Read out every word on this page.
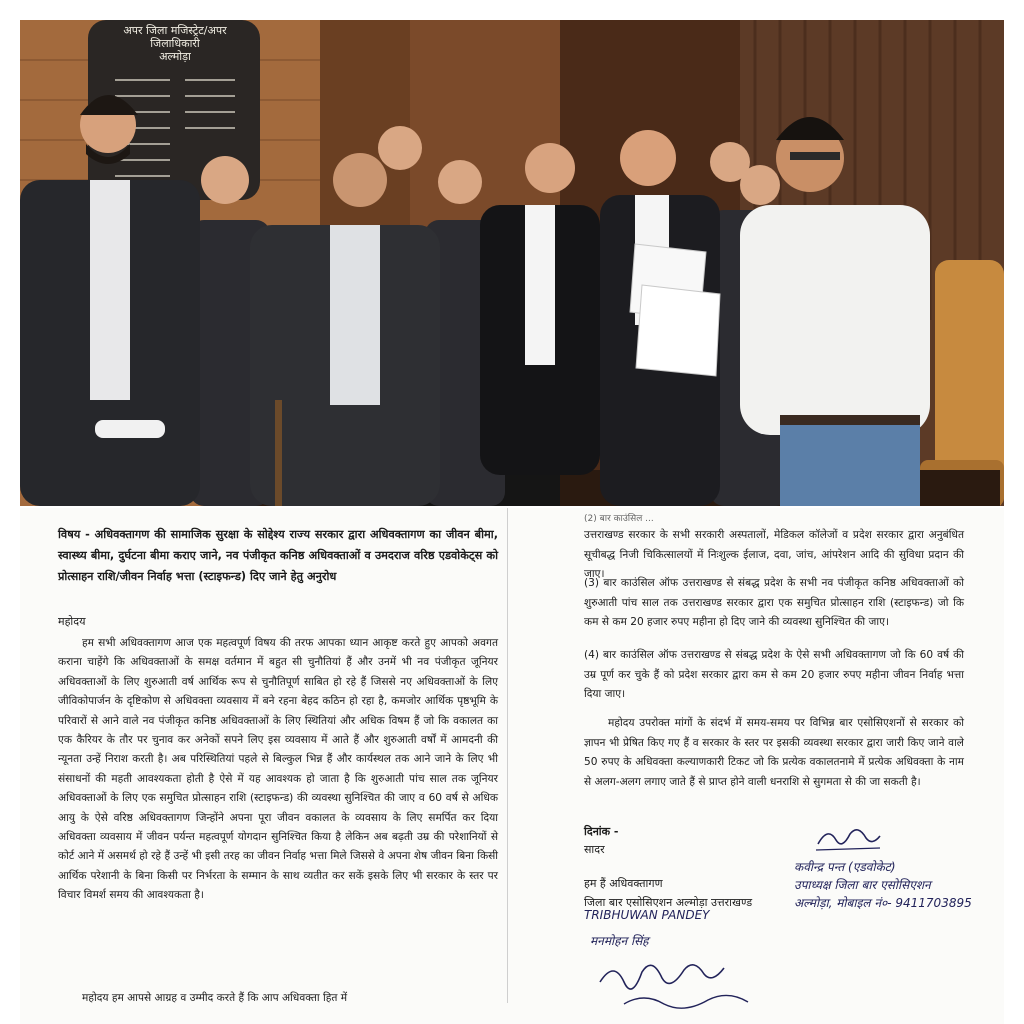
अपर जिला मजिस्ट्रेट/अपर जिलाधिकारी
अल्मोड़ा
विषय - अधिवक्तागण की सामाजिक सुरक्षा के सोद्देश्य राज्य सरकार द्वारा अधिवक्तागण का जीवन बीमा, स्वास्थ्य बीमा, दुर्घटना बीमा कराए जाने, नव पंजीकृत कनिष्ठ अधिवक्ताओं व उमदराज वरिष्ठ एडवोकेट्स को प्रोत्साहन राशि/जीवन निर्वाह भत्ता (स्टाइफन्ड) दिए जाने हेतु अनुरोध
महोदय

हम सभी अधिवक्तागण आज एक महत्वपूर्ण विषय की तरफ आपका ध्यान आकृष्ट करते हुए आपको अवगत कराना चाहेंगे कि अधिवक्ताओं के समक्ष वर्तमान में बहुत सी चुनौतियां हैं और उनमें भी नव पंजीकृत जूनियर अधिवक्ताओं के लिए शुरुआती वर्ष आर्थिक रूप से चुनौतिपूर्ण साबित हो रहे हैं जिससे नए अधिवक्ताओं के लिए जीविकोपार्जन के दृष्टिकोण से अधिवक्ता व्यवसाय में बने रहना बेहद कठिन हो रहा है, कमजोर आर्थिक पृष्ठभूमि के परिवारों से आने वाले नव पंजीकृत कनिष्ठ अधिवक्ताओं के लिए स्थितियां और अधिक विषम हैं जो कि वकालत का एक कैरियर के तौर पर चुनाव कर अनेकों सपने लिए इस व्यवसाय में आते हैं और शुरुआती वर्षों में आमदनी की न्यूनता उन्हें निराश करती है। अब परिस्थितियां पहले से बिल्कुल भिन्न हैं और कार्यस्थल तक आने जाने के लिए भी संसाधनों की महती आवश्यकता होती है ऐसे में यह आवश्यक हो जाता है कि शुरुआती पांच साल तक जूनियर अधिवक्ताओं के लिए एक समुचित प्रोत्साहन राशि (स्टाइफन्ड) की व्यवस्था सुनिश्चित की जाए व 60 वर्ष से अधिक आयु के ऐसे वरिष्ठ अधिवक्तागण जिन्होंने अपना पूरा जीवन वकालत के व्यवसाय के लिए समर्पित कर दिया अधिवक्ता व्यवसाय में जीवन पर्यन्त महत्वपूर्ण योगदान सुनिश्चित किया है लेकिन अब बढ़ती उम्र की परेशानियों से कोर्ट आने में असमर्थ हो रहे हैं उन्हें भी इसी तरह का जीवन निर्वाह भत्ता मिले जिससे वे अपना शेष जीवन बिना किसी आर्थिक परेशानी के बिना किसी पर निर्भरता के सम्मान के साथ व्यतीत कर सकें इसके लिए भी सरकार के स्तर पर विचार विमर्श समय की आवश्यकता है।

महोदय हम आपसे आग्रह व उम्मीद करते हैं कि आप अधिवक्ता हित में

(2) बार काउंसिल ...

उत्तराखण्ड सरकार के सभी सरकारी अस्पतालों, मेडिकल कॉलेजों व प्रदेश सरकार द्वारा अनुबंधित सूचीबद्ध निजी चिकित्सालयों में निःशुल्क ईलाज, दवा, जांच, आंपरेशन आदि की सुविधा प्रदान की जाए।

(3) बार काउंसिल ऑफ उत्तराखण्ड से संबद्ध प्रदेश के सभी नव पंजीकृत कनिष्ठ अधिवक्ताओं को शुरुआती पांच साल तक उत्तराखण्ड सरकार द्वारा एक समुचित प्रोत्साहन राशि (स्टाइफन्ड) जो कि कम से कम 20 हजार रुपए महीना हो दिए जाने की व्यवस्था सुनिश्चित की जाए।

(4) बार काउंसिल ऑफ उत्तराखण्ड से संबद्ध प्रदेश के ऐसे सभी अधिवक्तागण जो कि 60 वर्ष की उम्र पूर्ण कर चुके हैं को प्रदेश सरकार द्वारा कम से कम 20 हजार रुपए महीना जीवन निर्वाह भत्ता दिया जाए।

महोदय उपरोक्त मांगों के संदर्भ में समय-समय पर विभिन्न बार एसोसिएशनों से सरकार को ज्ञापन भी प्रेषित किए गए हैं व सरकार के स्तर पर इसकी व्यवस्था सरकार द्वारा जारी किए जाने वाले 50 रुपए के अधिवक्ता कल्याणकारी टिकट जो कि प्रत्येक वकालतनामे में प्रत्येक अधिवक्ता के नाम से अलग-अलग लगाए जाते हैं से प्राप्त होने वाली धनराशि से सुगमता से की जा सकती है।

दिनांक -
सादर
हम हैं अधिवक्तागण
जिला बार एसोसिएशन अल्मोड़ा उत्तराखण्ड
कवीन्द्र पन्त (एडवोकेट)
उपाध्यक्ष जिला बार एसोसिएशन
अल्मोड़ा, मोबाइल नं०- 9411703895
TRIBHUWAN PANDEY
मनमोहन सिंह
